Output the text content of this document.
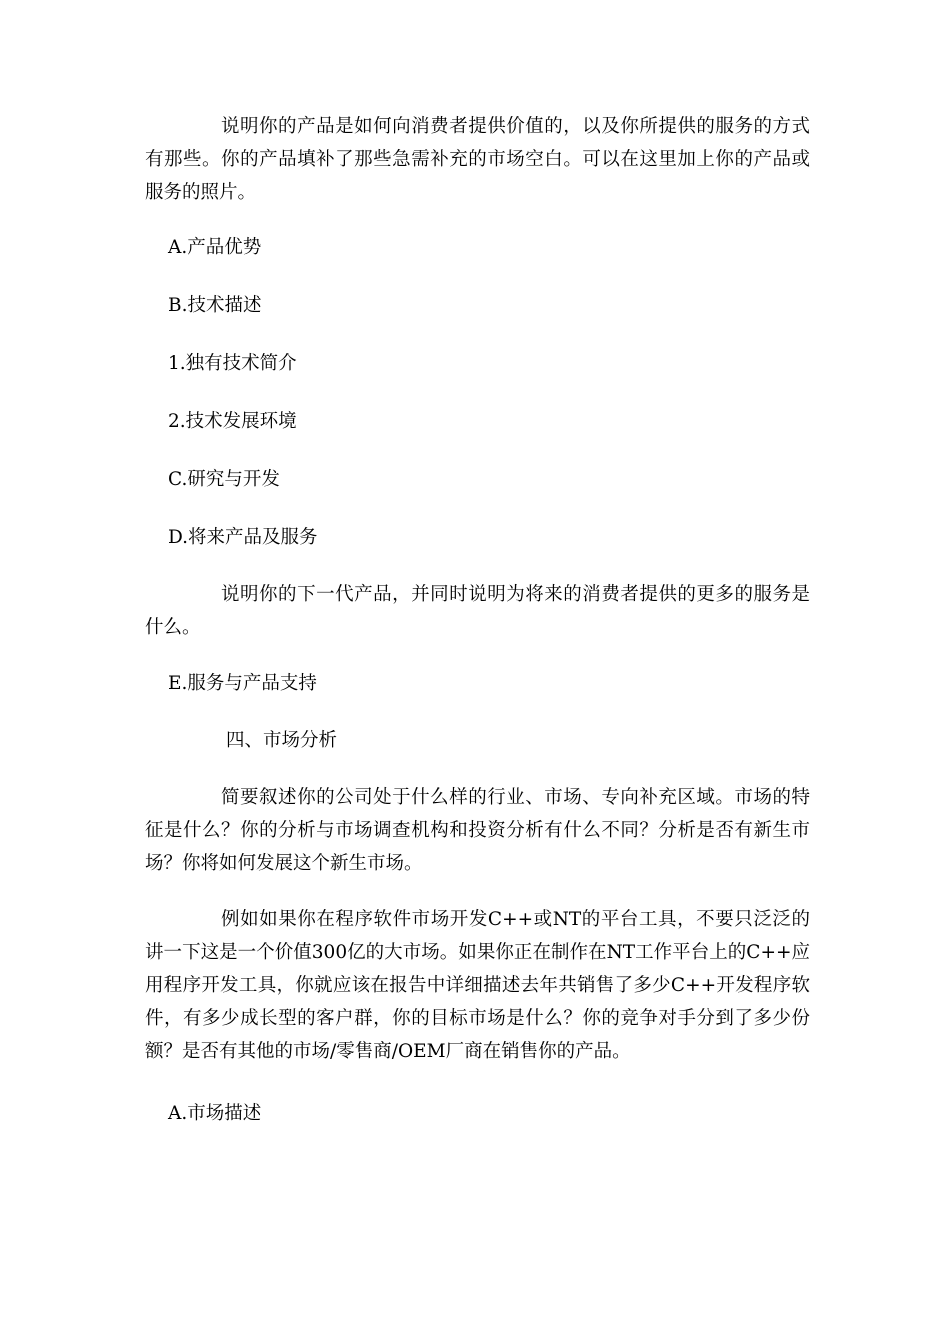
说明你的产品是如何向消费者提供价值的，以及你所提供的服务的方式有那些。你的产品填补了那些急需补充的市场空白。可以在这里加上你的产品或服务的照片。

A.产品优势

B.技术描述

1.独有技术简介

2.技术发展环境

C.研究与开发

D.将来产品及服务

说明你的下一代产品，并同时说明为将来的消费者提供的更多的服务是什么。

E.服务与产品支持

四、市场分析

简要叙述你的公司处于什么样的行业、市场、专向补充区域。市场的特征是什么？你的分析与市场调查机构和投资分析有什么不同？分析是否有新生市场？你将如何发展这个新生市场。

例如如果你在程序软件市场开发C++或NT的平台工具，不要只泛泛的讲一下这是一个价值300亿的大市场。如果你正在制作在NT工作平台上的C++应用程序开发工具，你就应该在报告中详细描述去年共销售了多少C++开发程序软件，有多少成长型的客户群，你的目标市场是什么？你的竞争对手分到了多少份额？是否有其他的市场/零售商/OEM厂商在销售你的产品。

A.市场描述
